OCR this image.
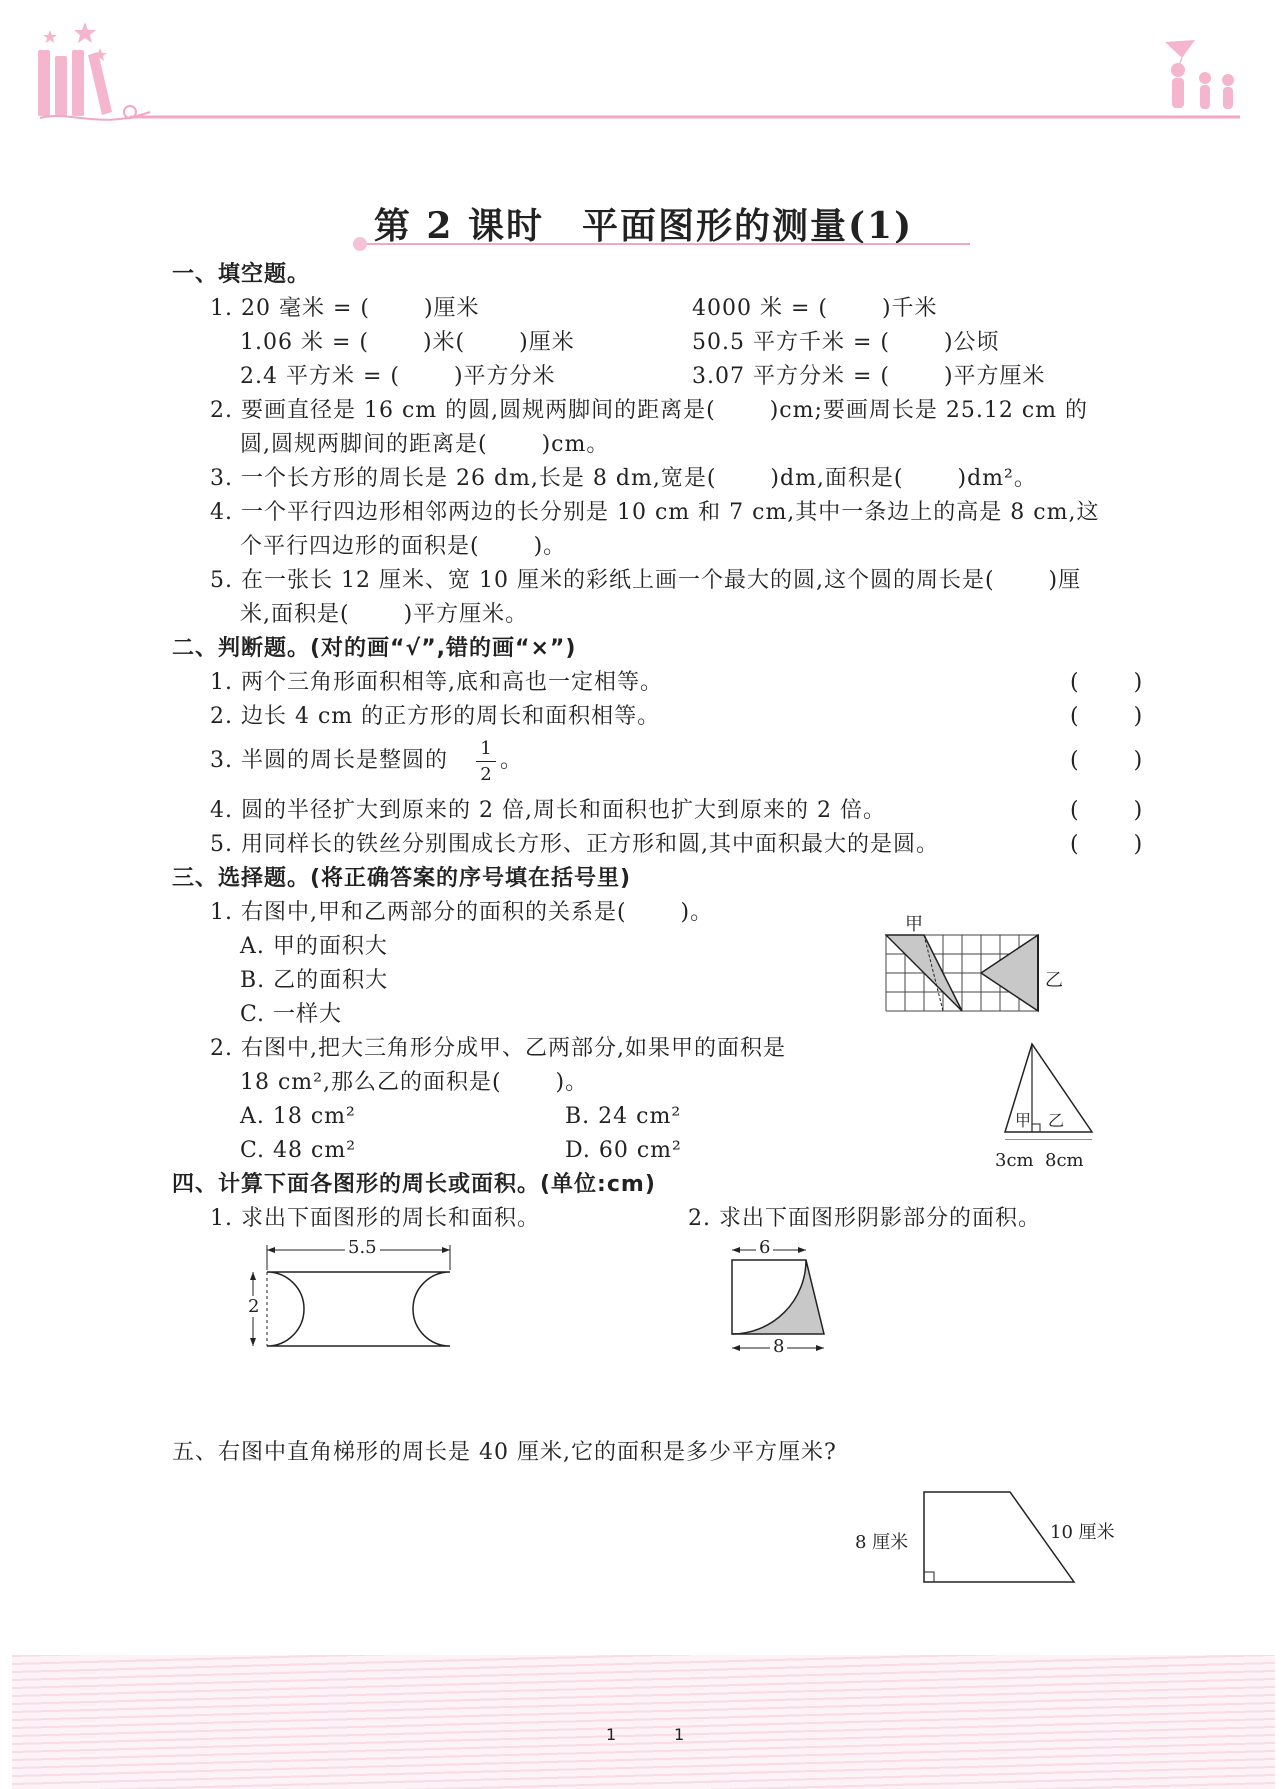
第 2 课时　平面图形的测量(1)
一、填空题。
1. 20 毫米 = (　　 )厘米	4000 米 = (　　 )千米
1.06 米 = (　　 )米(　　 )厘米	50.5 平方千米 = (　　 )公顷
2.4 平方米 = (　　 )平方分米	3.07 平方分米 = (　　 )平方厘米
2. 要画直径是 16 cm 的圆,圆规两脚间的距离是(　　 )cm;要画周长是 25.12 cm 的
圆,圆规两脚间的距离是(　　 )cm。
3. 一个长方形的周长是 26 dm,长是 8 dm,宽是(　　 )dm,面积是(　　 )dm²。
4. 一个平行四边形相邻两边的长分别是 10 cm 和 7 cm,其中一条边上的高是 8 cm,这
个平行四边形的面积是(　　 )。
5. 在一张长 12 厘米、宽 10 厘米的彩纸上画一个最大的圆,这个圆的周长是(　　 )厘
米,面积是(　　 )平方厘米。
二、判断题。(对的画“√”,错的画“×”)
1. 两个三角形面积相等,底和高也一定相等。	(　　 )
2. 边长 4 cm 的正方形的周长和面积相等。	(　　 )
3. 半圆的周长是整圆的 1
2
。	(　　 )
4. 圆的半径扩大到原来的 2 倍,周长和面积也扩大到原来的 2 倍。	(　　 )
5. 用同样长的铁丝分别围成长方形、正方形和圆,其中面积最大的是圆。	(　　 )
三、选择题。(将正确答案的序号填在括号里)
1. 右图中,甲和乙两部分的面积的关系是(　　 )。
A. 甲的面积大
B. 乙的面积大
C. 一样大
甲
乙
2. 右图中,把大三角形分成甲、乙两部分,如果甲的面积是
18 cm²,那么乙的面积是(　　 )。
A. 18 cm²	B. 24 cm²
C. 48 cm²	D. 60 cm²
甲 乙
3cm 8cm
四、计算下面各图形的周长或面积。(单位:cm)
1. 求出下面图形的周长和面积。	2. 求出下面图形阴影部分的面积。
5.5
2
6
8
五、右图中直角梯形的周长是 40 厘米,它的面积是多少平方厘米?
8 厘米	10 厘米
1	1
